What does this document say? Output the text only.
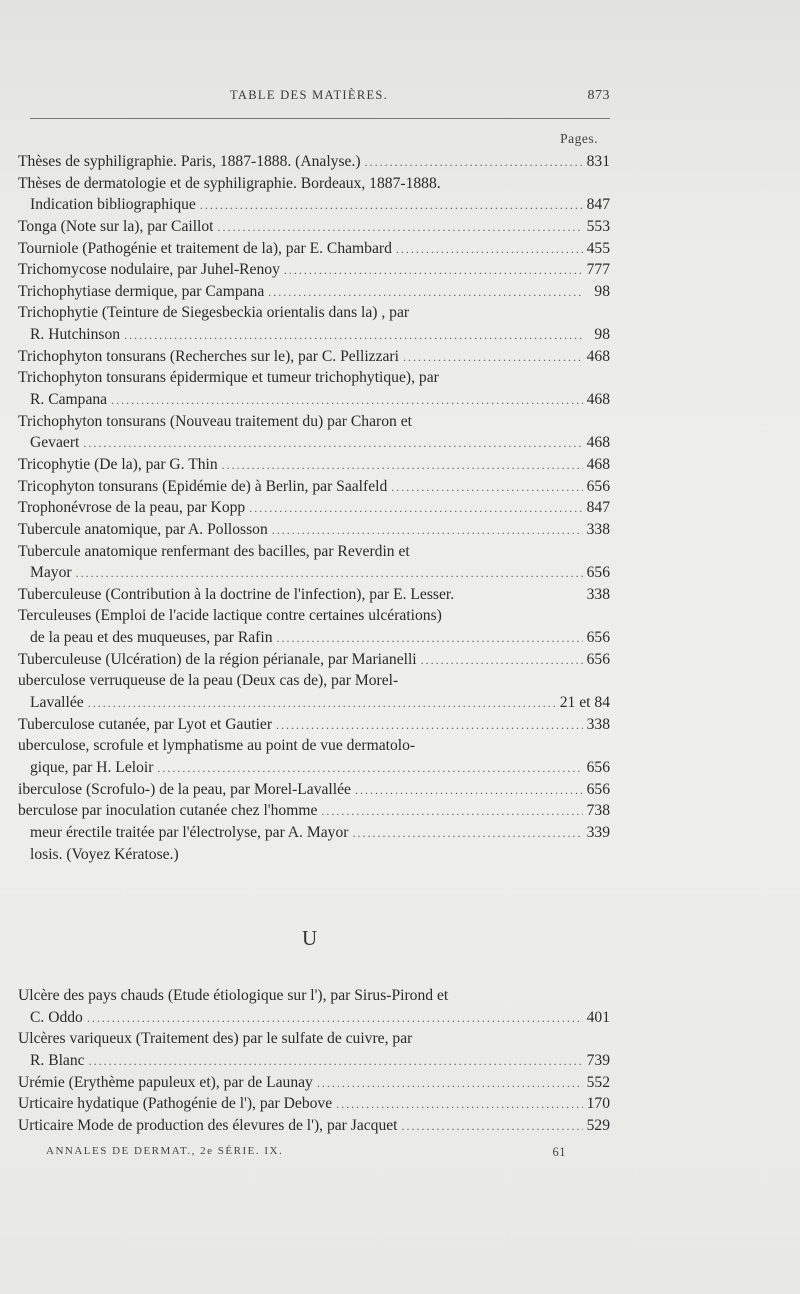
TABLE DES MATIÈRES.	873
Pages.
Thèses de syphiligraphie. Paris, 1887-1888. (Analyse.) .....	831
Thèses de dermatologie et de syphiligraphie. Bordeaux, 1887-1888.
Indication bibliographique .....	847
Tonga (Note sur la), par Caillot .....	553
Tourniole (Pathogénie et traitement de la), par E. Chambard .....	455
Trichomycose nodulaire, par Juhel-Renoy .....	777
Trichophytiase dermique, par Campana .....	98
Trichophytie (Teinture de Siegesbeckia orientalis dans la) , par
R. Hutchinson .....	98
Trichophyton tonsurans (Recherches sur le), par C. Pellizzari .....	468
Trichophyton tonsurans épidermique et tumeur trichophytique), par
R. Campana .....	468
Trichophyton tonsurans (Nouveau traitement du) par Charon et
Gevaert .....	468
Tricophytie (De la), par G. Thin .....	468
Tricophyton tonsurans (Epidémie de) à Berlin, par Saalfeld .....	656
Trophonévrose de la peau, par Kopp .....	847
Tubercule anatomique, par A. Pollosson .....	338
Tubercule anatomique renfermant des bacilles, par Reverdin et
Mayor .....	656
Tuberculeuse (Contribution à la doctrine de l'infection), par E. Lesser.	338
Terculeuses (Emploi de l'acide lactique contre certaines ulcérations)
de la peau et des muqueuses, par Rafin .....	656
Tuberculeuse (Ulcération) de la région périanale, par Marianelli .....	656
uberculose verruqueuse de la peau (Deux cas de), par Morel-
Lavallée .....	21 et 84
Tuberculose cutanée, par Lyot et Gautier .....	338
uberculose, scrofule et lymphatisme au point de vue dermatolo-
gique, par H. Leloir .....	656
iberculose (Scrofulo-) de la peau, par Morel-Lavallée .....	656
berculose par inoculation cutanée chez l'homme .....	738
meur érectile traitée par l'électrolyse, par A. Mayor .....	339
losis. (Voyez Kératose.)
U
Ulcère des pays chauds (Etude étiologique sur l'), par Sirus-Pirond et
C. Oddo .....	401
Ulcères variqueux (Traitement des) par le sulfate de cuivre, par
R. Blanc .....	739
Urémie (Erythème papuleux et), par de Launay .....	552
Urticaire hydatique (Pathogénie de l'), par Debove .....	170
Urticaire Mode de production des élevures de l'), par Jacquet .....	529
ANNALES DE DERMAT., 2e SÉRIE. IX.	61
